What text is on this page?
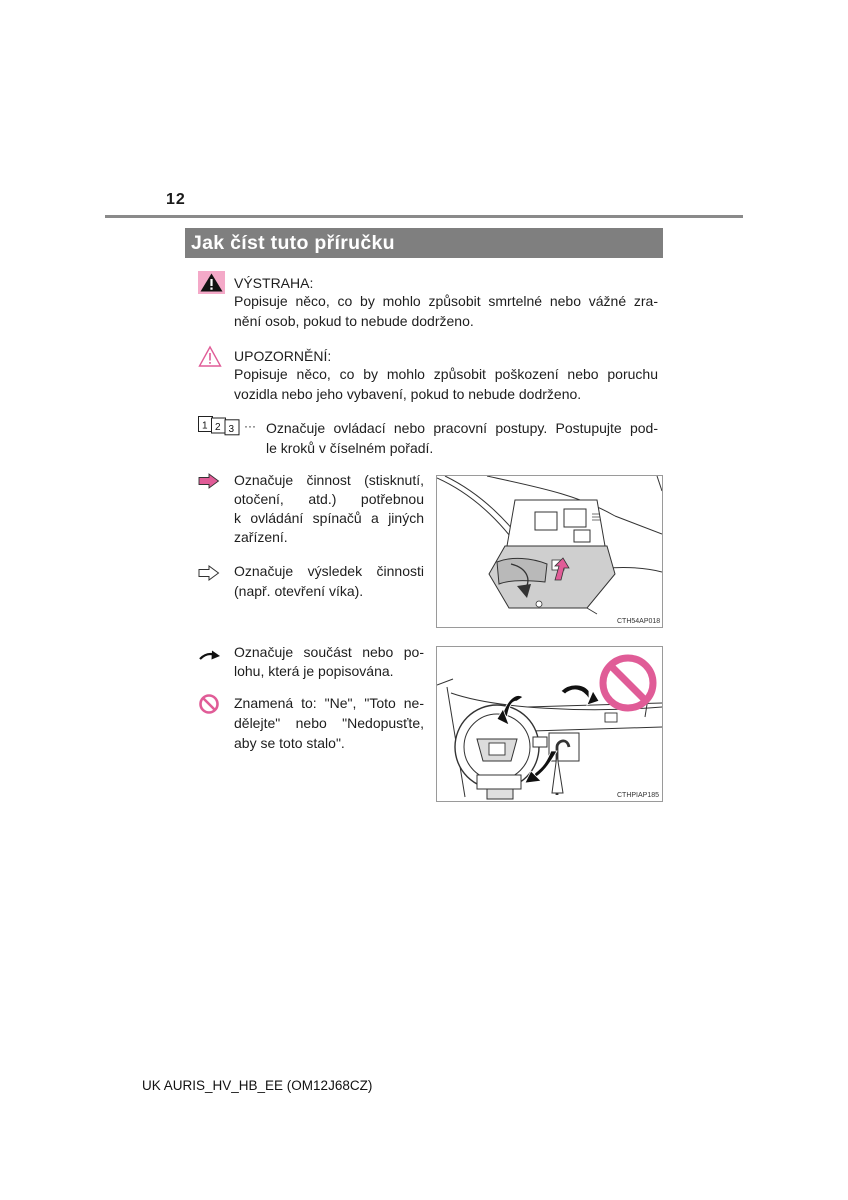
12
Jak číst tuto příručku
VÝSTRAHA:
Popisuje něco, co by mohlo způsobit smrtelné nebo vážné zra-
nění osob, pokud to nebude dodrženo.
UPOZORNĚNÍ:
Popisuje něco, co by mohlo způsobit poškození nebo poruchu
vozidla nebo jeho vybavení, pokud to nebude dodrženo.
1 2 3 ··· Označuje ovládací nebo pracovní postupy. Postupujte pod-
le kroků v číselném pořadí.
Označuje činnost (stisknutí,
otočení, atd.) potřebnou
k ovládání spínačů a jiných
zařízení.
Označuje výsledek činnosti
(např. otevření víka).
CTH54AP018
Označuje součást nebo po-
lohu, která je popisována.
Znamená to: "Ne", "Toto ne-
dělejte" nebo "Nedopusťte,
aby se toto stalo".
CTHPIAP185
UK AURIS_HV_HB_EE (OM12J68CZ)
